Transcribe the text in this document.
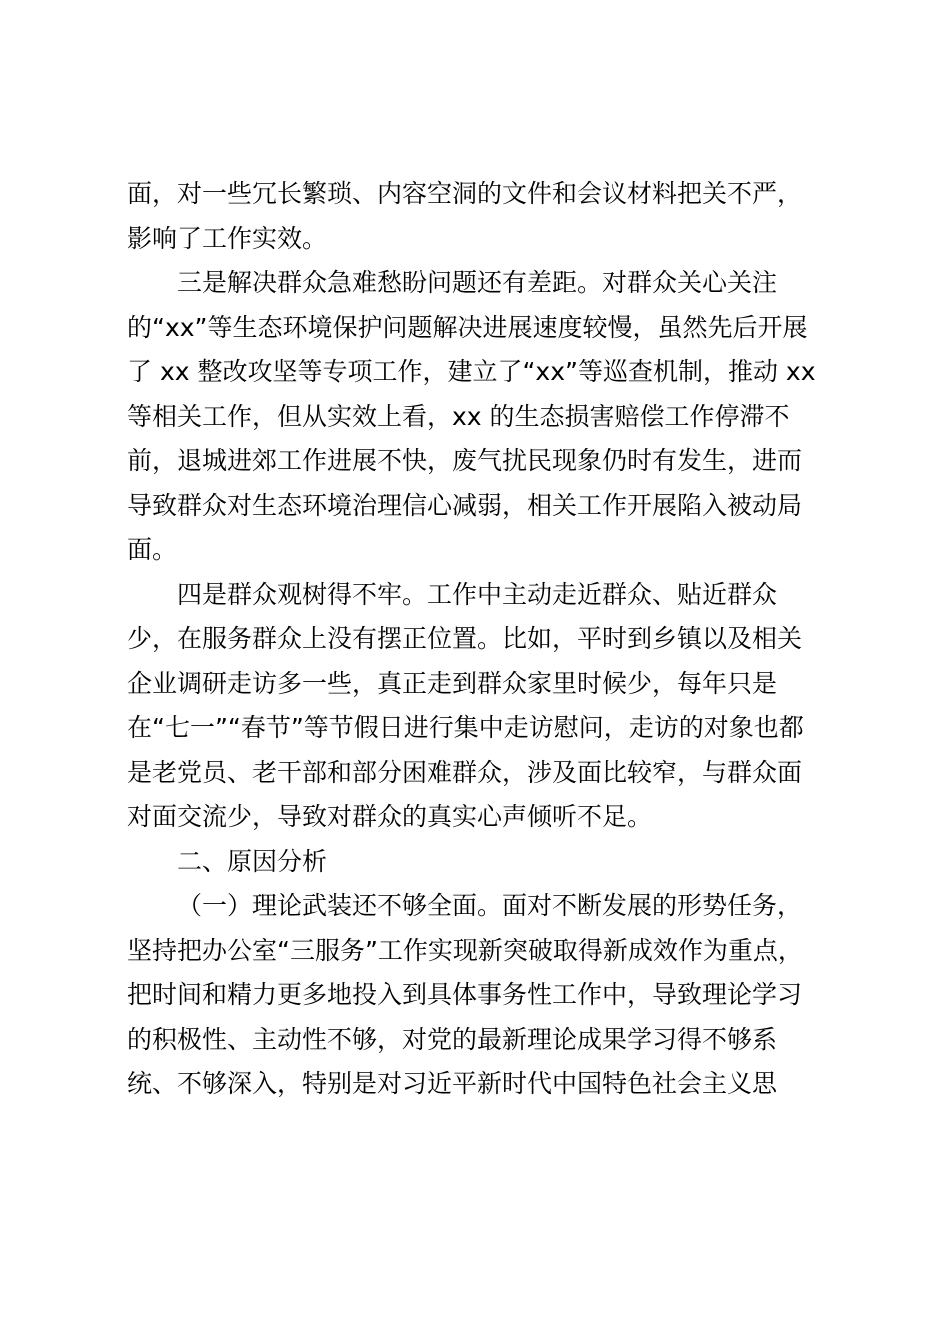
面，对一些冗长繁琐、内容空洞的文件和会议材料把关不严，
影响了工作实效。
三是解决群众急难愁盼问题还有差距。对群众关心关注
的“xx”等生态环境保护问题解决进展速度较慢，虽然先后开展
了 xx 整改攻坚等专项工作，建立了“xx”等巡查机制，推动 xx
等相关工作，但从实效上看，xx 的生态损害赔偿工作停滞不
前，退城进郊工作进展不快，废气扰民现象仍时有发生，进而
导致群众对生态环境治理信心减弱，相关工作开展陷入被动局
面。
四是群众观树得不牢。工作中主动走近群众、贴近群众
少，在服务群众上没有摆正位置。比如，平时到乡镇以及相关
企业调研走访多一些，真正走到群众家里时候少，每年只是
在“七一”“春节”等节假日进行集中走访慰问，走访的对象也都
是老党员、老干部和部分困难群众，涉及面比较窄，与群众面
对面交流少，导致对群众的真实心声倾听不足。
二、原因分析
（一）理论武装还不够全面。面对不断发展的形势任务，
坚持把办公室“三服务”工作实现新突破取得新成效作为重点，
把时间和精力更多地投入到具体事务性工作中，导致理论学习
的积极性、主动性不够，对党的最新理论成果学习得不够系
统、不够深入，特别是对习近平新时代中国特色社会主义思
